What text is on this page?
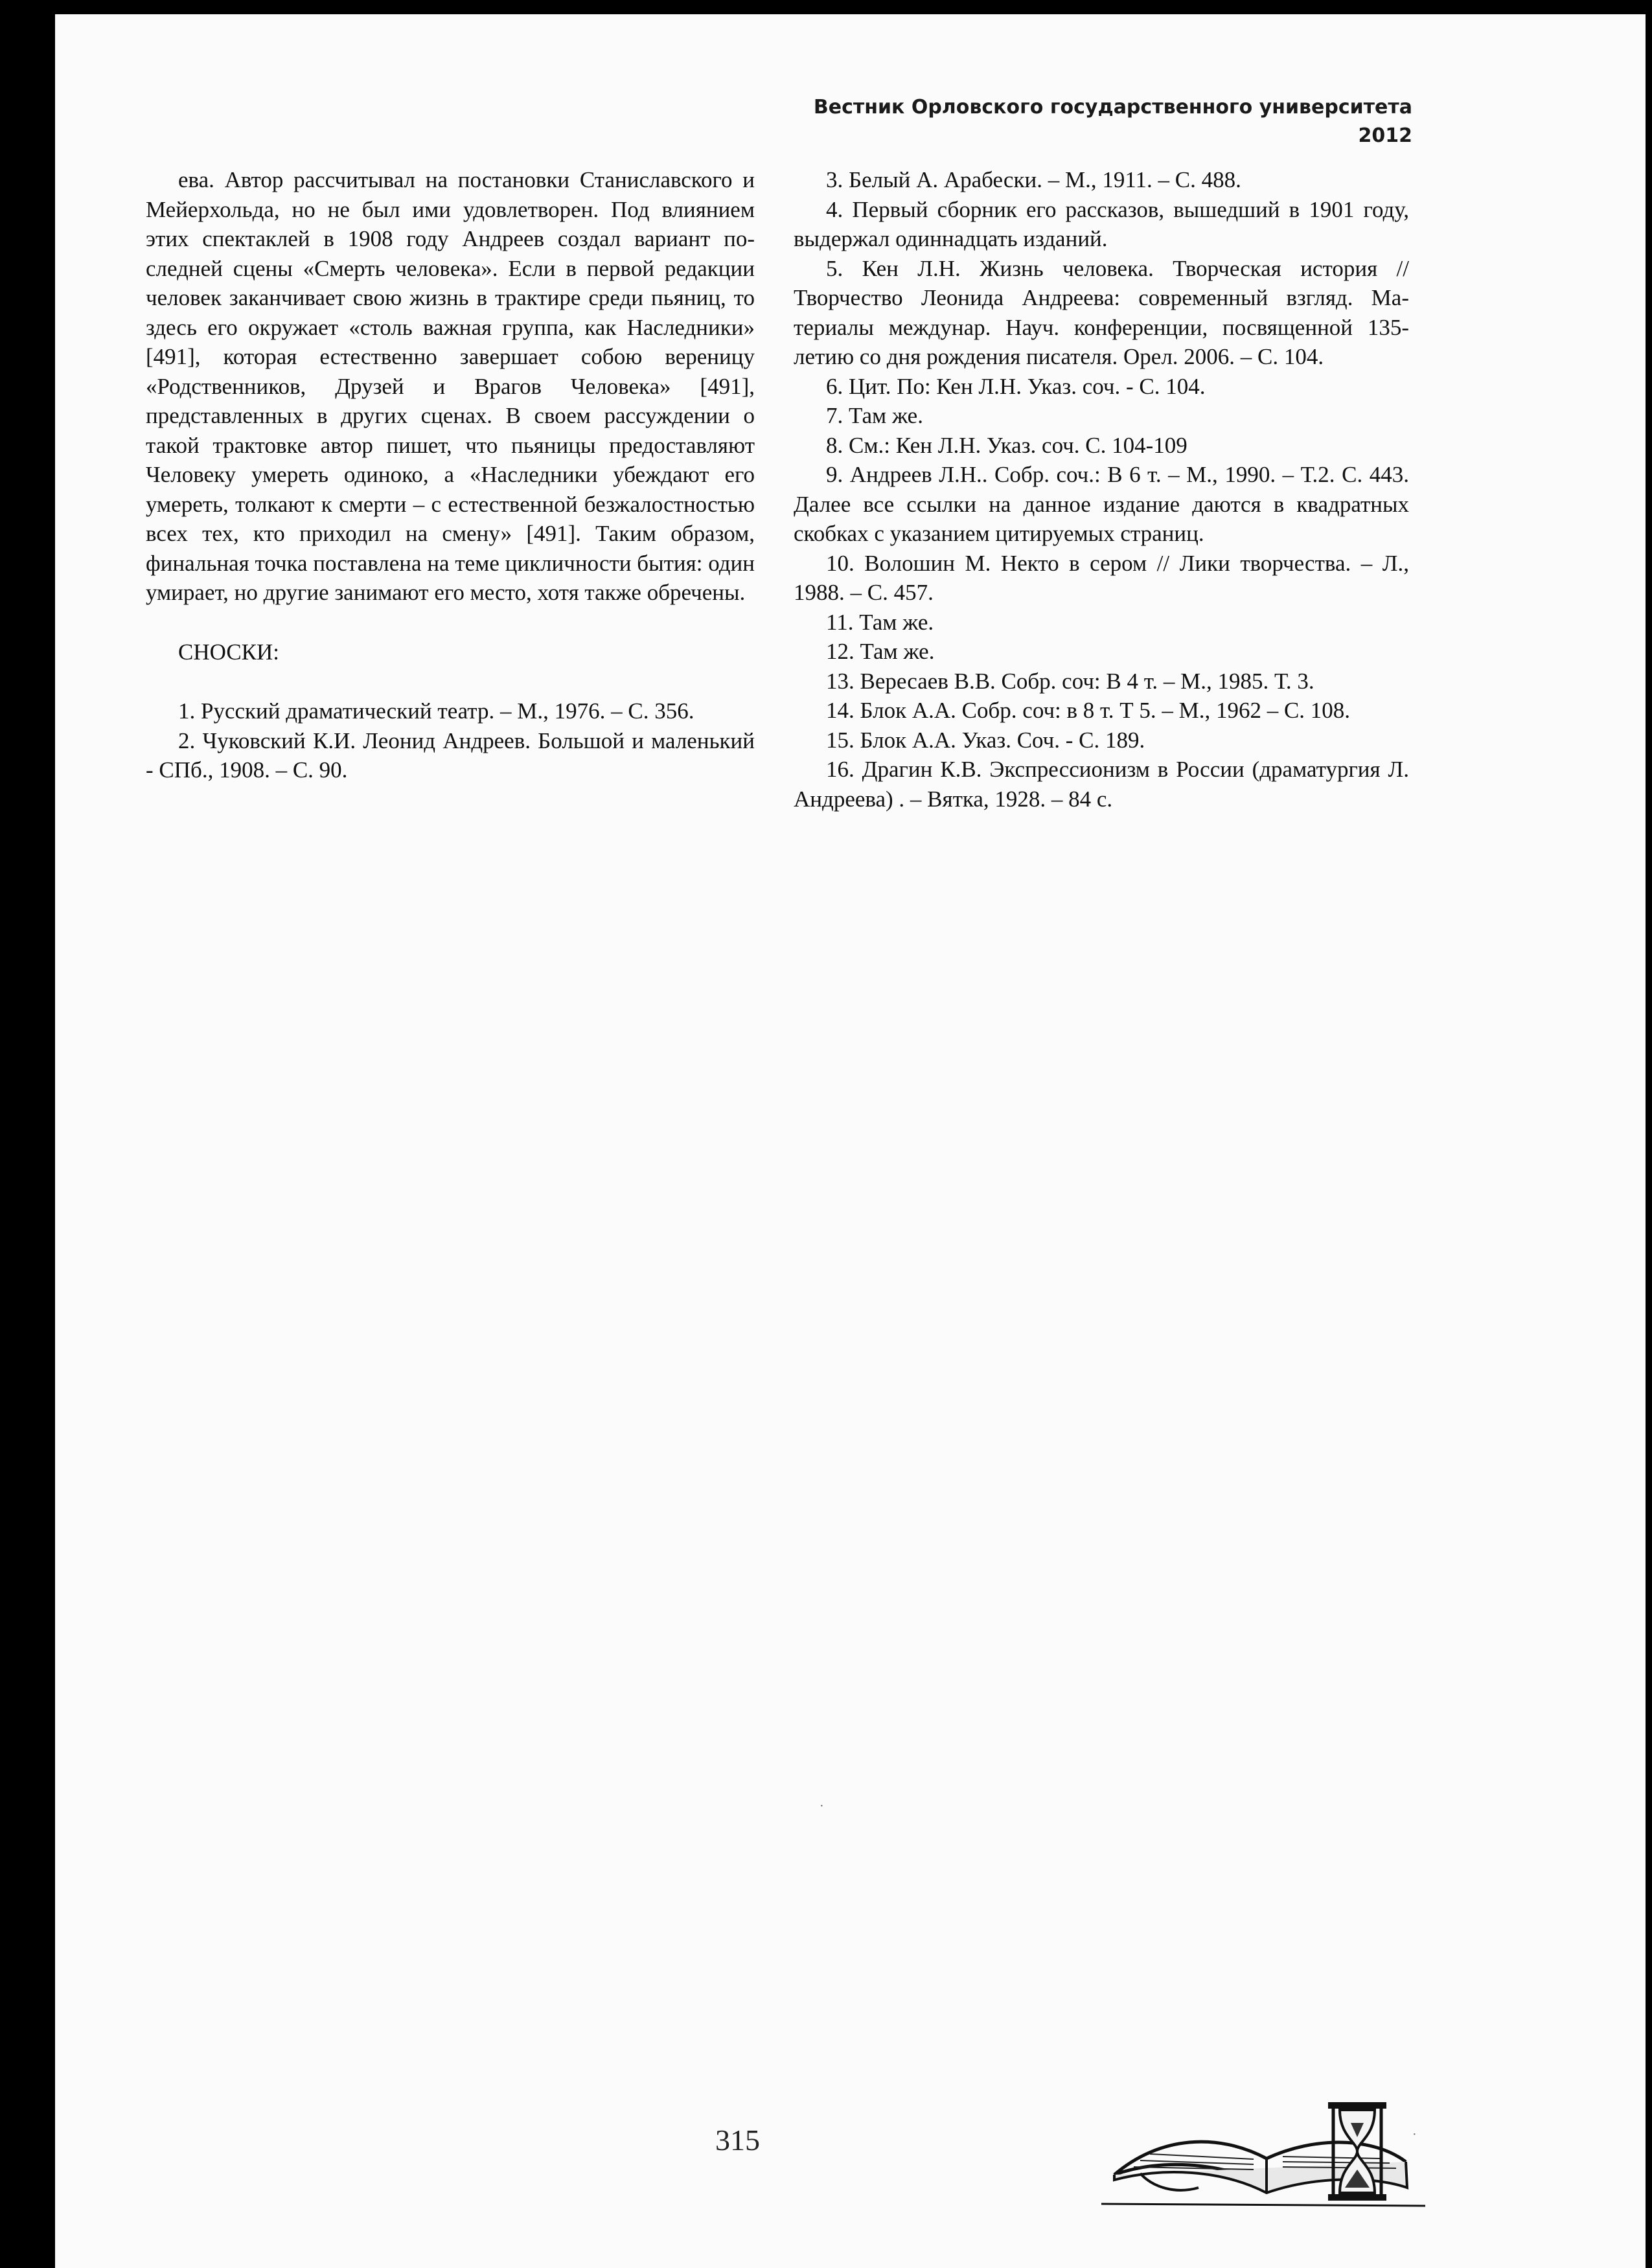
Вестник Орловского государственного университета
2012

ева. Автор рассчитывал на постановки Станиславского и Мейерхольда, но не был ими удовлетворен. Под влиянием этих спектаклей в 1908 году Андреев создал вариант последней сцены «Смерть человека». Если в первой редакции человек заканчивает свою жизнь в трактире среди пьяниц, то здесь его окружает «столь важная группа, как Наследники» [491], которая естественно завершает собою вереницу «Родственников, Друзей и Врагов Человека» [491], представленных в других сценах. В своем рассуждении о такой трактовке автор пишет, что пьяницы предоставляют Человеку умереть одиноко, а «Наследники убеждают его умереть, толкают к смерти – с естественной безжалостностью всех тех, кто приходил на смену» [491]. Таким образом, финальная точка поставлена на теме цикличности бытия: один умирает, но другие занимают его место, хотя также обречены.

СНОСКИ:

1. Русский драматический театр. – М., 1976. – С. 356.

2. Чуковский К.И. Леонид Андреев. Большой и маленький - СПб., 1908. – С. 90.

3. Белый А. Арабески. – М., 1911. – С. 488.

4. Первый сборник его рассказов, вышедший в 1901 году, выдержал одиннадцать изданий.

5. Кен Л.Н. Жизнь человека. Творческая история // Творчество Леонида Андреева: современный взгляд. Материалы междунар. Науч. конференции, посвященной 135-летию со дня рождения писателя. Орел. 2006. – С. 104.

6. Цит. По: Кен Л.Н. Указ. соч. - С. 104.

7. Там же.

8. См.: Кен Л.Н. Указ. соч. С. 104-109

9. Андреев Л.Н.. Собр. соч.: В 6 т. – М., 1990. – Т.2. С. 443. Далее все ссылки на данное издание даются в квадратных скобках с указанием цитируемых страниц.

10. Волошин М. Некто в сером // Лики творчества. – Л., 1988. – С. 457.

11. Там же.

12. Там же.

13. Вересаев В.В. Собр. соч: В 4 т. – М., 1985. Т. 3.

14. Блок А.А. Собр. соч: в 8 т. Т 5. – М., 1962 – С. 108.

15. Блок А.А. Указ. Соч. - С. 189.

16. Драгин К.В. Экспрессионизм в России (драматургия Л. Андреева) . – Вятка, 1928. – 84 с.

315	·
·
